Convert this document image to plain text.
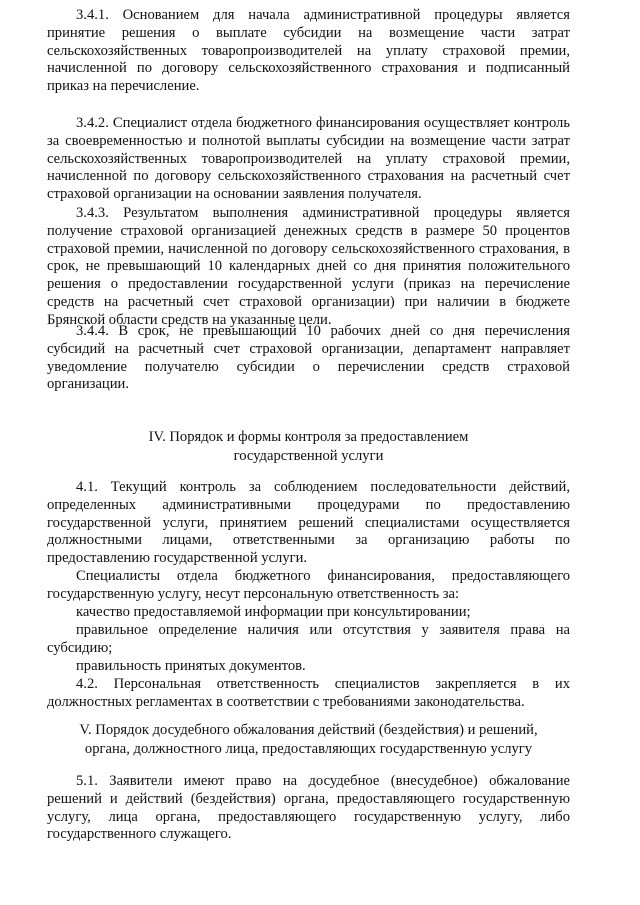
3.4.1. Основанием для начала административной процедуры является принятие решения о выплате субсидии на возмещение части затрат сельскохозяйственных товаропроизводителей на уплату страховой премии, начисленной по договору сельскохозяйственного страхования и подписанный приказ на перечисление.

3.4.2. Специалист отдела бюджетного финансирования осуществляет контроль за своевременностью и полнотой выплаты субсидии на возмещение части затрат сельскохозяйственных товаропроизводителей на уплату страховой премии, начисленной по договору сельскохозяйственного страхования на расчетный счет страховой организации на основании заявления получателя.

3.4.3. Результатом выполнения административной процедуры является получение страховой организацией денежных средств в размере 50 процентов страховой премии, начисленной по договору сельскохозяйственного страхования, в срок, не превышающий 10 календарных дней со дня принятия положительного решения о предоставлении государственной услуги (приказ на перечисление средств на расчетный счет страховой организации) при наличии в бюджете Брянской области средств на указанные цели.

3.4.4. В срок, не превышающий 10 рабочих дней со дня перечисления субсидий на расчетный счет страховой организации, департамент направляет уведомление получателю субсидии о перечислении средств страховой организации.

IV. Порядок и формы контроля за предоставлением

государственной услуги

4.1. Текущий контроль за соблюдением последовательности действий, определенных административными процедурами по предоставлению государственной услуги, принятием решений специалистами осуществляется должностными лицами, ответственными за организацию работы по предоставлению государственной услуги.

Специалисты отдела бюджетного финансирования, предоставляющего государственную услугу, несут персональную ответственность за:

качество предоставляемой информации при консультировании;

правильное определение наличия или отсутствия у заявителя права на субсидию;

правильность принятых документов.

4.2. Персональная ответственность специалистов закрепляется в их должностных регламентах в соответствии с требованиями законодательства.

V. Порядок досудебного обжалования действий (бездействия) и решений,

органа, должностного лица, предоставляющих государственную услугу

5.1. Заявители имеют право на досудебное (внесудебное) обжалование решений и действий (бездействия) органа, предоставляющего государственную услугу, лица органа, предоставляющего государственную услугу, либо государственного служащего.
